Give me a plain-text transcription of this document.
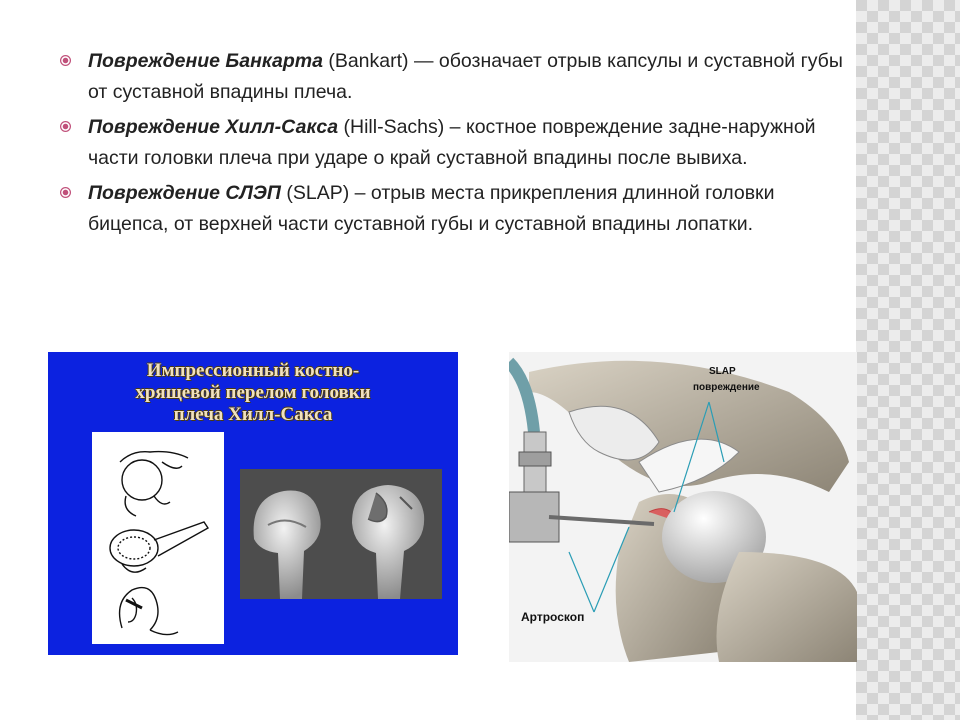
Повреждение Банкарта (Bankart) — обозначает отрыв капсулы и суставной губы от суставной впадины плеча.
Повреждение Хилл-Сакса (Hill-Sachs) – костное повреждение задне-наружной части головки плеча при ударе о край суставной впадины после вывиха.
Повреждение СЛЭП (SLAP) – отрыв места прикрепления длинной головки бицепса, от верхней части суставной губы и суставной впадины лопатки.
Импрессионный костно-
хрящевой перелом головки
плеча Хилл-Сакса
SLAP
повреждение
Артроскоп
